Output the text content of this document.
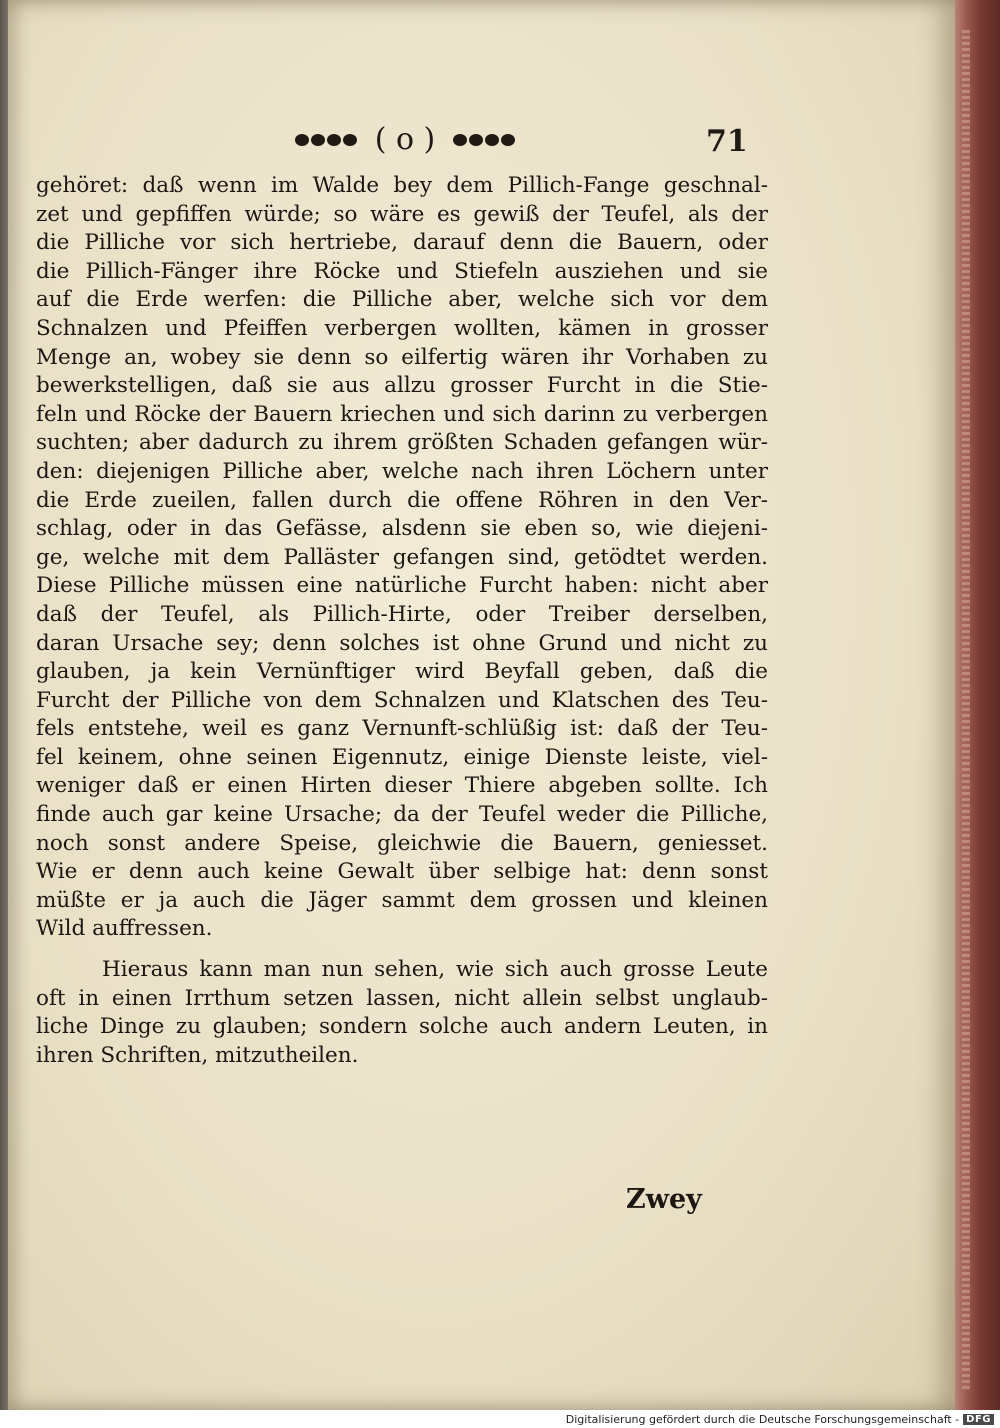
( o )	71
gehöret: daß wenn im Walde bey dem Pillich-Fange geschnal-
zet und gepfiffen würde; so wäre es gewiß der Teufel, als der
die Pilliche vor sich hertriebe, darauf denn die Bauern, oder
die Pillich-Fänger ihre Röcke und Stiefeln ausziehen und sie
auf die Erde werfen: die Pilliche aber, welche sich vor dem
Schnalzen und Pfeiffen verbergen wollten, kämen in grosser
Menge an, wobey sie denn so eilfertig wären ihr Vorhaben zu
bewerkstelligen, daß sie aus allzu grosser Furcht in die Stie-
feln und Röcke der Bauern kriechen und sich darinn zu verbergen
suchten; aber dadurch zu ihrem größten Schaden gefangen wür-
den: diejenigen Pilliche aber, welche nach ihren Löchern unter
die Erde zueilen, fallen durch die offene Röhren in den Ver-
schlag, oder in das Gefässe, alsdenn sie eben so, wie diejeni-
ge, welche mit dem Palläster gefangen sind, getödtet werden.
Diese Pilliche müssen eine natürliche Furcht haben: nicht aber
daß der Teufel, als Pillich-Hirte, oder Treiber derselben,
daran Ursache sey; denn solches ist ohne Grund und nicht zu
glauben, ja kein Vernünftiger wird Beyfall geben, daß die
Furcht der Pilliche von dem Schnalzen und Klatschen des Teu-
fels entstehe, weil es ganz Vernunft-schlüßig ist: daß der Teu-
fel keinem, ohne seinen Eigennutz, einige Dienste leiste, viel-
weniger daß er einen Hirten dieser Thiere abgeben sollte. Ich
finde auch gar keine Ursache; da der Teufel weder die Pilliche,
noch sonst andere Speise, gleichwie die Bauern, geniesset.
Wie er denn auch keine Gewalt über selbige hat: denn sonst
müßte er ja auch die Jäger sammt dem grossen und kleinen
Wild auffressen.
Hieraus kann man nun sehen, wie sich auch grosse Leute
oft in einen Irrthum setzen lassen, nicht allein selbst unglaub-
liche Dinge zu glauben; sondern solche auch andern Leuten, in
ihren Schriften, mitzutheilen.
Zwey
Digitalisierung gefördert durch die Deutsche Forschungsgemeinschaft - DFG
